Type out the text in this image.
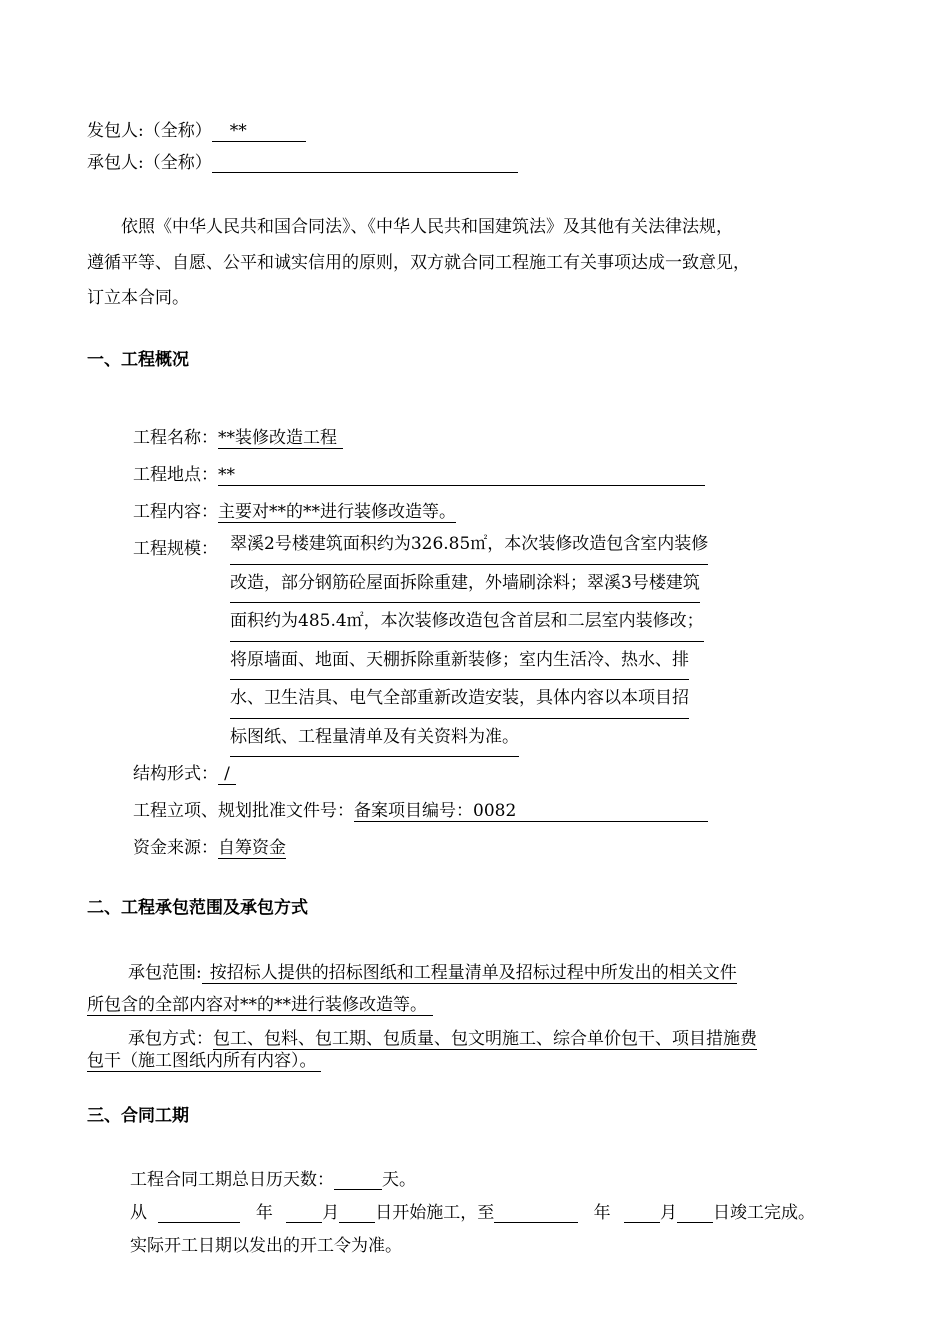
发包人:（全称） **
承包人:（全称）
依照《中华人民共和国合同法》、《中华人民共和国建筑法》及其他有关法律法规，
遵循平等、自愿、公平和诚实信用的原则，双方就合同工程施工有关事项达成一致意见，
订立本合同。
一、工程概况
工程名称：**装修改造工程
工程地点：**
工程内容：主要对**的**进行装修改造等。
工程规模： 翠溪2号楼建筑面积约为326.85㎡，本次装修改造包含室内装修
改造，部分钢筋砼屋面拆除重建，外墙刷涂料；翠溪3号楼建筑
面积约为485.4㎡，本次装修改造包含首层和二层室内装修改；
将原墙面、地面、天棚拆除重新装修；室内生活冷、热水、排
水、卫生洁具、电气全部重新改造安装，具体内容以本项目招
标图纸、工程量清单及有关资料为准。
结构形式： /
工程立项、规划批准文件号：备案项目编号：0082
资金来源：自筹资金
二、工程承包范围及承包方式
承包范围: 按招标人提供的招标图纸和工程量清单及招标过程中所发出的相关文件
所包含的全部内容对**的**进行装修改造等。
承包方式：包工、包料、包工期、包质量、包文明施工、综合单价包干、项目措施费
包干（施工图纸内所有内容）。
三、合同工期
工程合同工期总日历天数：	天。
从	年	月 日开始施工，至	年	月 日竣工完成。
实际开工日期以发出的开工令为准。
